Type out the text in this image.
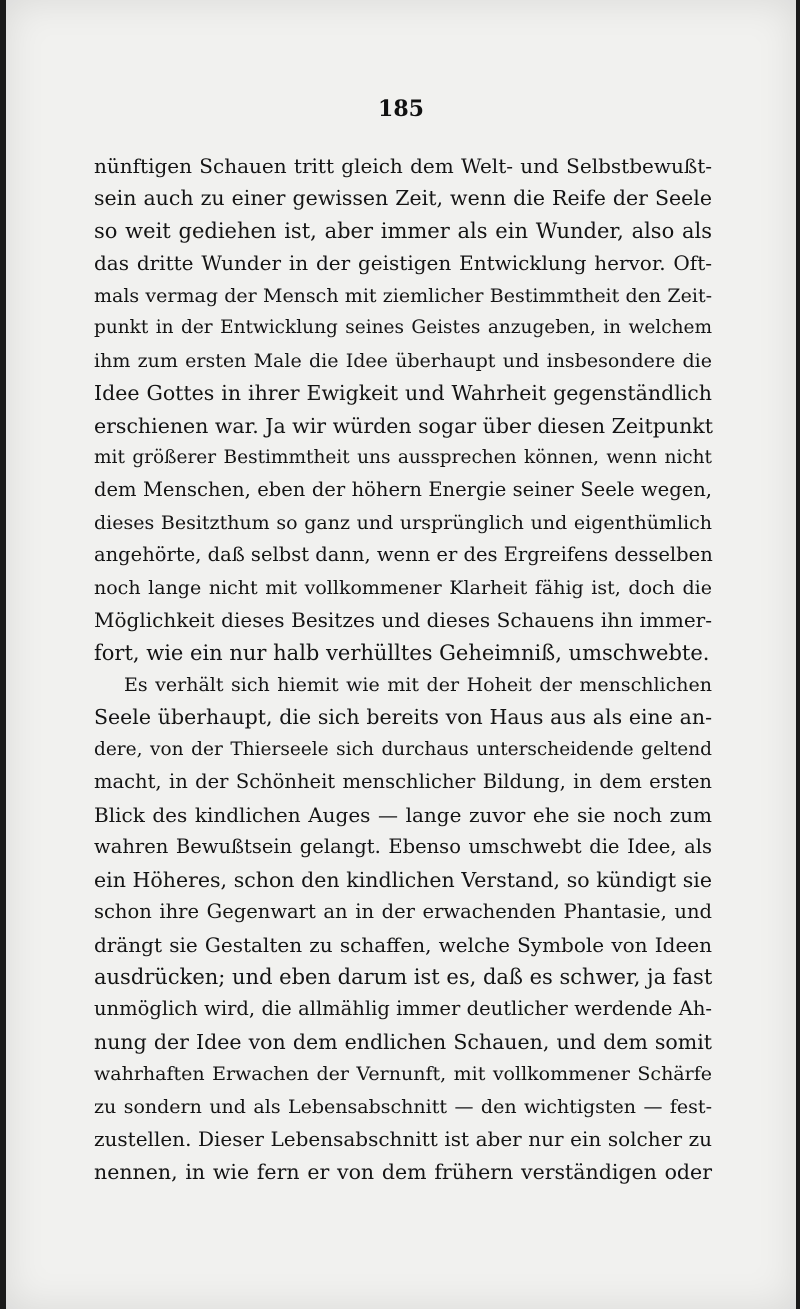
185
nünftigen Schauen tritt gleich dem Welt- und Selbstbewußt-
sein auch zu einer gewissen Zeit, wenn die Reife der Seele
so weit gediehen ist, aber immer als ein Wunder, also als
das dritte Wunder in der geistigen Entwicklung hervor. Oft-
mals vermag der Mensch mit ziemlicher Bestimmtheit den Zeit-
punkt in der Entwicklung seines Geistes anzugeben, in welchem
ihm zum ersten Male die Idee überhaupt und insbesondere die
Idee Gottes in ihrer Ewigkeit und Wahrheit gegenständlich
erschienen war. Ja wir würden sogar über diesen Zeitpunkt
mit größerer Bestimmtheit uns aussprechen können, wenn nicht
dem Menschen, eben der höhern Energie seiner Seele wegen,
dieses Besitzthum so ganz und ursprünglich und eigenthümlich
angehörte, daß selbst dann, wenn er des Ergreifens desselben
noch lange nicht mit vollkommener Klarheit fähig ist, doch die
Möglichkeit dieses Besitzes und dieses Schauens ihn immer-
fort, wie ein nur halb verhülltes Geheimniß, umschwebte.
Es verhält sich hiemit wie mit der Hoheit der menschlichen
Seele überhaupt, die sich bereits von Haus aus als eine an-
dere, von der Thierseele sich durchaus unterscheidende geltend
macht, in der Schönheit menschlicher Bildung, in dem ersten
Blick des kindlichen Auges — lange zuvor ehe sie noch zum
wahren Bewußtsein gelangt. Ebenso umschwebt die Idee, als
ein Höheres, schon den kindlichen Verstand, so kündigt sie
schon ihre Gegenwart an in der erwachenden Phantasie, und
drängt sie Gestalten zu schaffen, welche Symbole von Ideen
ausdrücken; und eben darum ist es, daß es schwer, ja fast
unmöglich wird, die allmählig immer deutlicher werdende Ah-
nung der Idee von dem endlichen Schauen, und dem somit
wahrhaften Erwachen der Vernunft, mit vollkommener Schärfe
zu sondern und als Lebensabschnitt — den wichtigsten — fest-
zustellen. Dieser Lebensabschnitt ist aber nur ein solcher zu
nennen, in wie fern er von dem frühern verständigen oder
